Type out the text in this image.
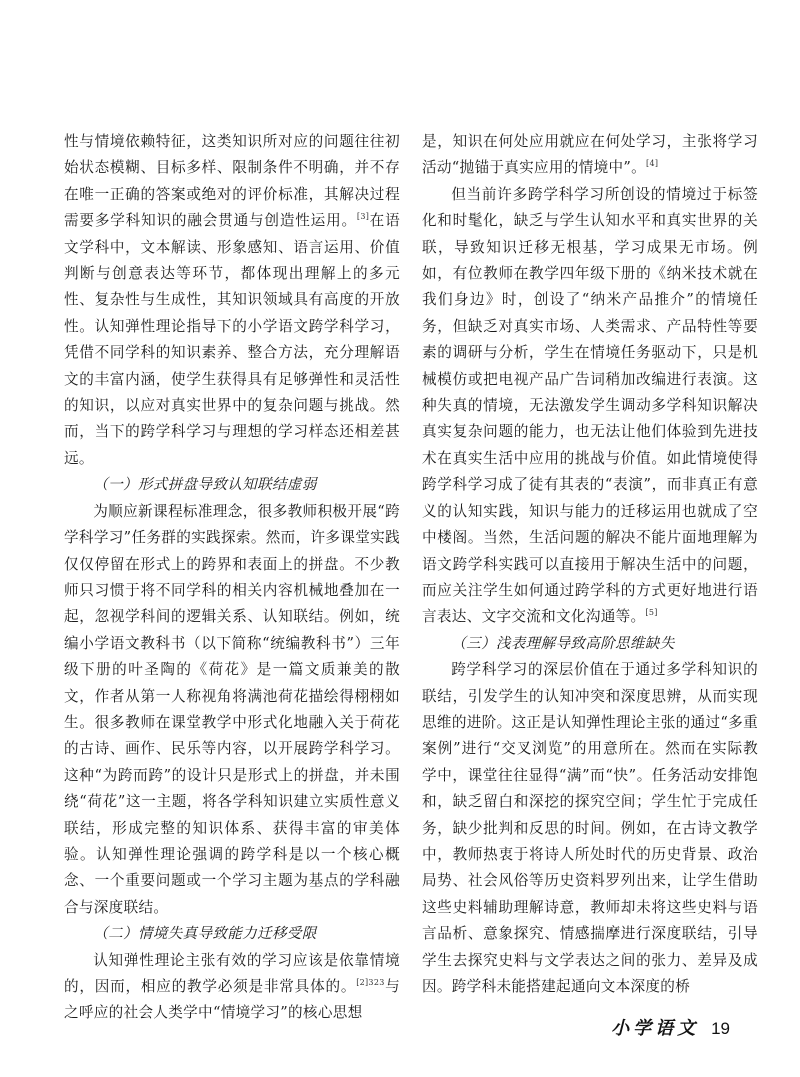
性与情境依赖特征，这类知识所对应的问题往往初始状态模糊、目标多样、限制条件不明确，并不存在唯一正确的答案或绝对的评价标准，其解决过程需要多学科知识的融会贯通与创造性运用。[3]在语文学科中，文本解读、形象感知、语言运用、价值判断与创意表达等环节，都体现出理解上的多元性、复杂性与生成性，其知识领域具有高度的开放性。认知弹性理论指导下的小学语文跨学科学习，凭借不同学科的知识素养、整合方法，充分理解语文的丰富内涵，使学生获得具有足够弹性和灵活性的知识，以应对真实世界中的复杂问题与挑战。然而，当下的跨学科学习与理想的学习样态还相差甚远。

（一）形式拼盘导致认知联结虚弱

为顺应新课程标准理念，很多教师积极开展“跨学科学习”任务群的实践探索。然而，许多课堂实践仅仅停留在形式上的跨界和表面上的拼盘。不少教师只习惯于将不同学科的相关内容机械地叠加在一起，忽视学科间的逻辑关系、认知联结。例如，统编小学语文教科书（以下简称“统编教科书”）三年级下册的叶圣陶的《荷花》是一篇文质兼美的散文，作者从第一人称视角将满池荷花描绘得栩栩如生。很多教师在课堂教学中形式化地融入关于荷花的古诗、画作、民乐等内容，以开展跨学科学习。这种“为跨而跨”的设计只是形式上的拼盘，并未围绕“荷花”这一主题，将各学科知识建立实质性意义联结，形成完整的知识体系、获得丰富的审美体验。认知弹性理论强调的跨学科是以一个核心概念、一个重要问题或一个学习主题为基点的学科融合与深度联结。

（二）情境失真导致能力迁移受限

认知弹性理论主张有效的学习应该是依靠情境的，因而，相应的教学必须是非常具体的。$^{[2]323}$与之呼应的社会人类学中“情境学习”的核心思想

是，知识在何处应用就应在何处学习，主张将学习活动“抛锚于真实应用的情境中”。[4]

但当前许多跨学科学习所创设的情境过于标签化和时髦化，缺乏与学生认知水平和真实世界的关联，导致知识迁移无根基，学习成果无市场。例如，有位教师在教学四年级下册的《纳米技术就在我们身边》时，创设了“纳米产品推介”的情境任务，但缺乏对真实市场、人类需求、产品特性等要素的调研与分析，学生在情境任务驱动下，只是机械模仿或把电视产品广告词稍加改编进行表演。这种失真的情境，无法激发学生调动多学科知识解决真实复杂问题的能力，也无法让他们体验到先进技术在真实生活中应用的挑战与价值。如此情境使得跨学科学习成了徒有其表的“表演”，而非真正有意义的认知实践，知识与能力的迁移运用也就成了空中楼阁。当然，生活问题的解决不能片面地理解为语文跨学科实践可以直接用于解决生活中的问题，而应关注学生如何通过跨学科的方式更好地进行语言表达、文字交流和文化沟通等。[5]

（三）浅表理解导致高阶思维缺失

跨学科学习的深层价值在于通过多学科知识的联结，引发学生的认知冲突和深度思辨，从而实现思维的进阶。这正是认知弹性理论主张的通过“多重案例”进行“交叉浏览”的用意所在。然而在实际教学中，课堂往往显得“满”而“快”。任务活动安排饱和，缺乏留白和深挖的探究空间；学生忙于完成任务，缺少批判和反思的时间。例如，在古诗文教学中，教师热衷于将诗人所处时代的历史背景、政治局势、社会风俗等历史资料罗列出来，让学生借助这些史料辅助理解诗意，教师却未将这些史料与语言品析、意象探究、情感揣摩进行深度联结，引导学生去探究史料与文学表达之间的张力、差异及成因。跨学科未能搭建起通向文本深度的桥

小学语文 19
